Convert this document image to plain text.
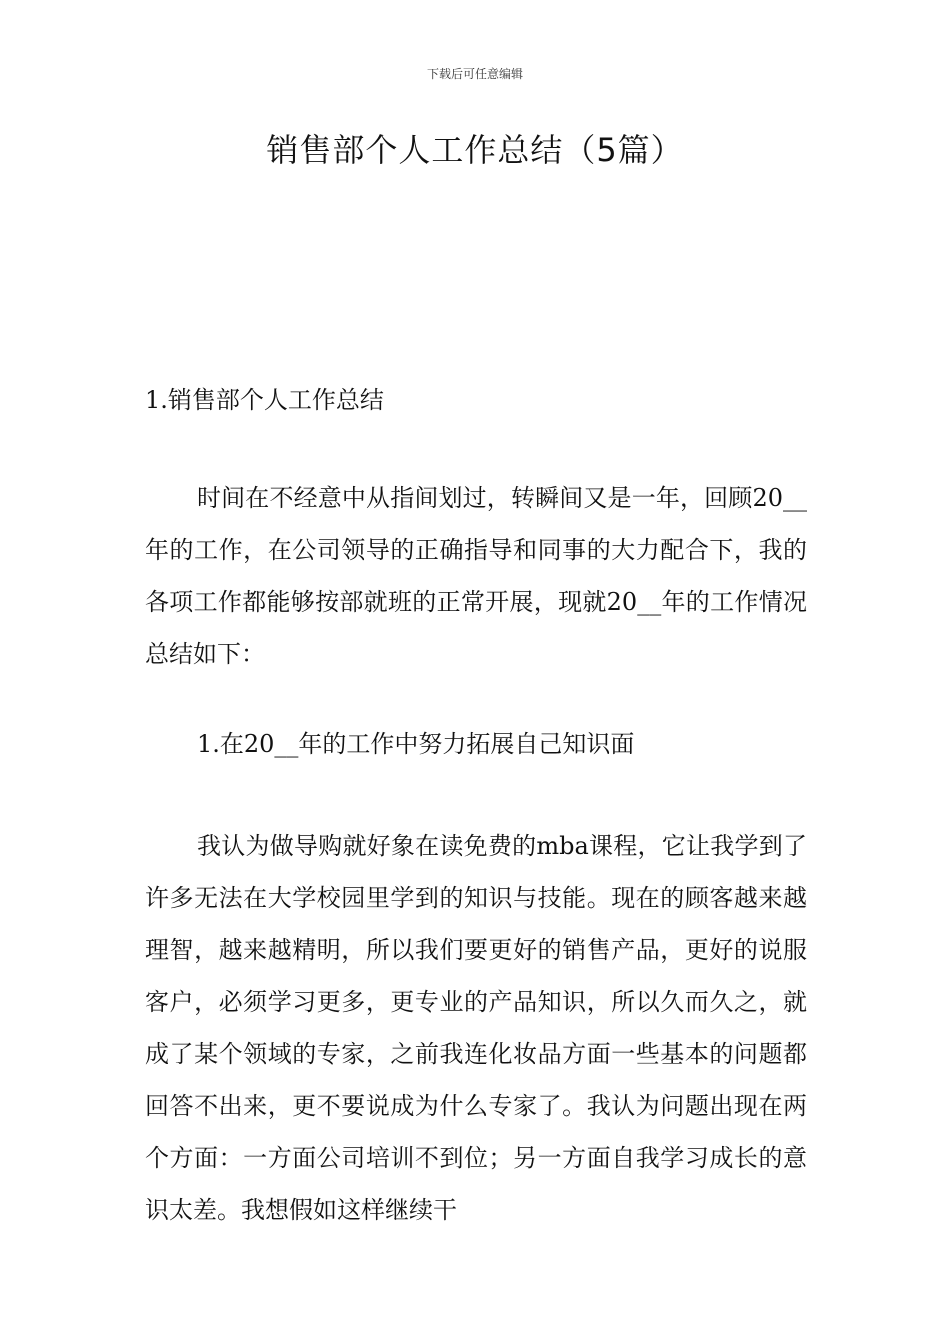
下载后可任意编辑
销售部个人工作总结（5篇）

1.销售部个人工作总结

时间在不经意中从指间划过，转瞬间又是一年，回顾20__年的工作，在公司领导的正确指导和同事的大力配合下，我的各项工作都能够按部就班的正常开展，现就20__年的工作情况总结如下：

1.在20__年的工作中努力拓展自己知识面

我认为做导购就好象在读免费的mba课程，它让我学到了许多无法在大学校园里学到的知识与技能。现在的顾客越来越理智，越来越精明，所以我们要更好的销售产品，更好的说服客户，必须学习更多，更专业的产品知识，所以久而久之，就成了某个领域的专家，之前我连化妆品方面一些基本的问题都回答不出来，更不要说成为什么专家了。我认为问题出现在两个方面：一方面公司培训不到位；另一方面自我学习成长的意识太差。我想假如这样继续干
